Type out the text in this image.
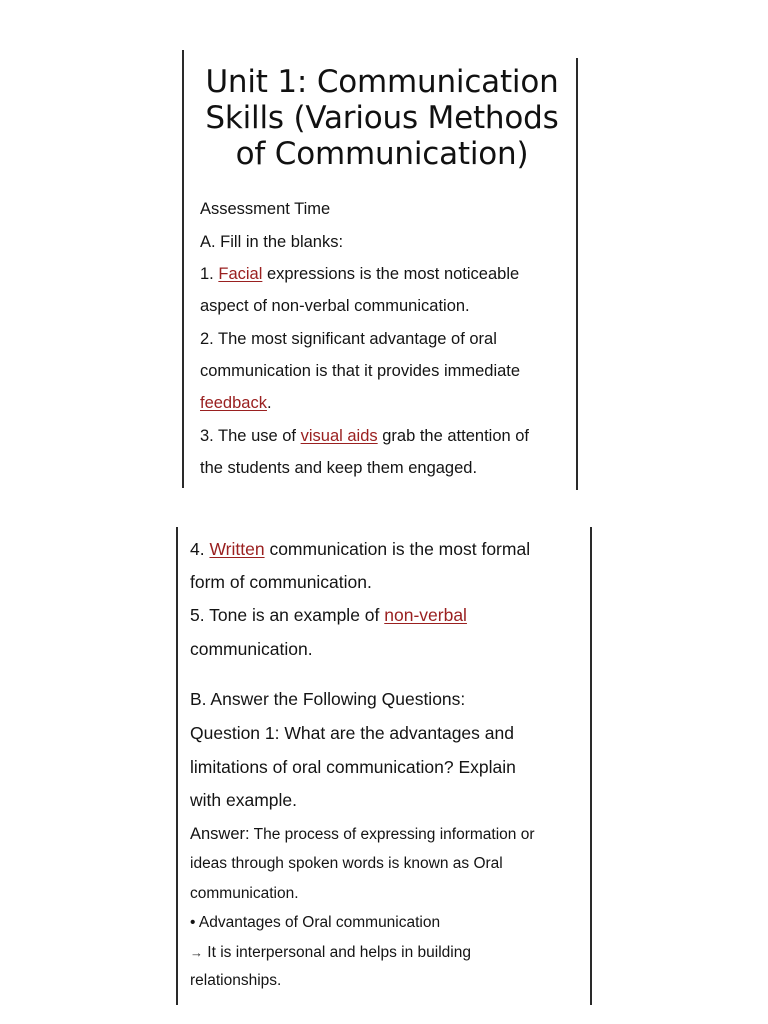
Unit 1: Communication
Skills (Various Methods
of Communication)
Assessment Time
A. Fill in the blanks:
1. Facial expressions is the most noticeable
aspect of non-verbal communication.
2. The most significant advantage of oral
communication is that it provides immediate
feedback.
3. The use of visual aids grab the attention of
the students and keep them engaged.
4. Written communication is the most formal
form of communication.
5. Tone is an example of non-verbal
communication.
B. Answer the Following Questions:
Question 1: What are the advantages and
limitations of oral communication? Explain
with example.
Answer: The process of expressing information or
ideas through spoken words is known as Oral
communication.
• Advantages of Oral communication
→ It is interpersonal and helps in building
relationships.
